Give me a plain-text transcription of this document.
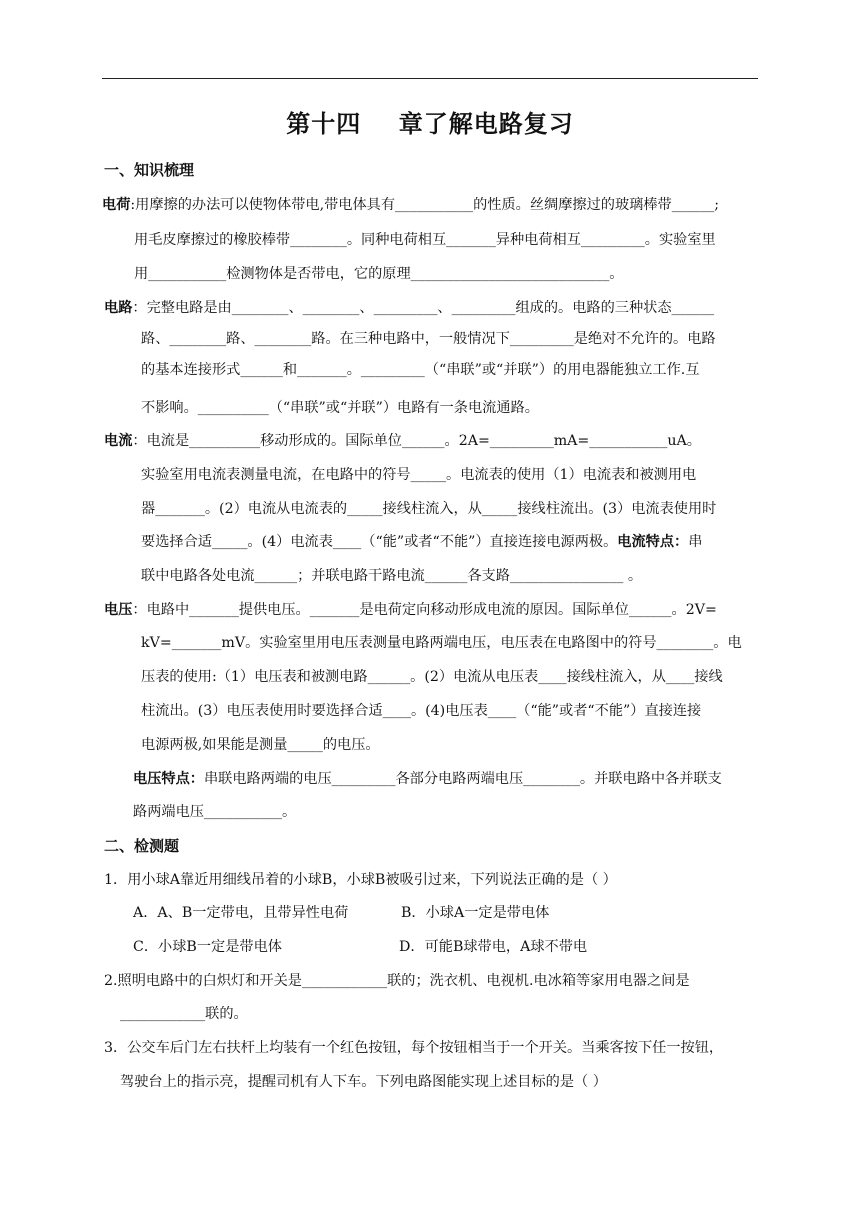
第十四    章了解电路复习
一、知识梳理
电荷:用摩擦的办法可以使物体带电,带电体具有___________的性质。丝绸摩擦过的玻璃棒带______;
用毛皮摩擦过的橡胶棒带________。同种电荷相互_______异种电荷相互_________。实验室里
用___________检测物体是否带电，它的原理____________________________。
电路：完整电路是由________、________、_________、_________组成的。电路的三种状态______
路、________路、________路。在三种电路中，一般情况下_________是绝对不允许的。电路
的基本连接形式______和_______。_________（“串联”或“并联”）的用电器能独立工作.互
不影响。__________（“串联”或“并联”）电路有一条电流通路。
电流：电流是__________移动形成的。国际单位______。2A=_________mA=___________uA。
实验室用电流表测量电流，在电路中的符号_____。电流表的使用（1）电流表和被测用电
器_______。(2）电流从电流表的_____接线柱流入，从_____接线柱流出。(3）电流表使用时
要选择合适_____。(4）电流表____（“能”或者“不能”）直接连接电源两极。电流特点：串
联中电路各处电流______；并联电路干路电流______各支路________________ 。
电压：电路中_______提供电压。_______是电荷定向移动形成电流的原因。国际单位______。2V=
kV=_______mV。实验室里用电压表测量电路两端电压，电压表在电路图中的符号________。电
压表的使用:（1）电压表和被测电路______。(2）电流从电压表____接线柱流入，从____接线
柱流出。(3）电压表使用时要选择合适____。(4)电压表____（“能”或者“不能”）直接连接
电源两极,如果能是测量_____的电压。
电压特点：串联电路两端的电压_________各部分电路两端电压________。并联电路中各并联支
路两端电压___________。
二、检测题
1．用小球A靠近用细线吊着的小球B，小球B被吸引过来，下列说法正确的是（ ）
A．A、B一定带电，且带异性电荷	B．小球A一定是带电体
C．小球B一定是带电体	D．可能B球带电，A球不带电
2.照明电路中的白炽灯和开关是____________联的；洗衣机、电视机.电冰箱等家用电器之间是
____________联的。
3．公交车后门左右扶杆上均装有一个红色按钮，每个按钮相当于一个开关。当乘客按下任一按钮，
驾驶台上的指示亮，提醒司机有人下车。下列电路图能实现上述目标的是（ ）
